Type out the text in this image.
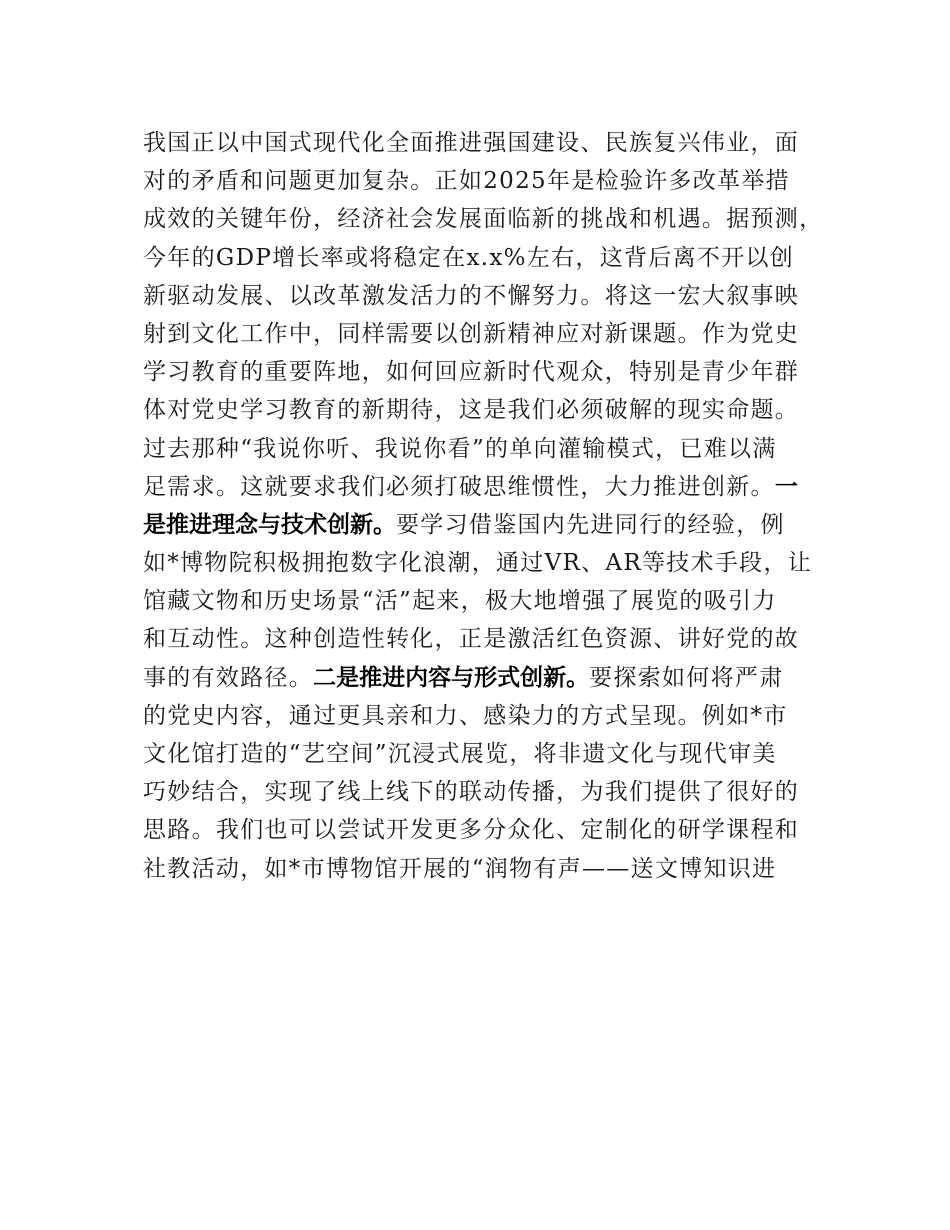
我国正以中国式现代化全面推进强国建设、民族复兴伟业，面
对的矛盾和问题更加复杂。正如2025年是检验许多改革举措
成效的关键年份，经济社会发展面临新的挑战和机遇。据预测，
今年的GDP增长率或将稳定在x.x%左右，这背后离不开以创
新驱动发展、以改革激发活力的不懈努力。将这一宏大叙事映
射到文化工作中，同样需要以创新精神应对新课题。作为党史
学习教育的重要阵地，如何回应新时代观众，特别是青少年群
体对党史学习教育的新期待，这是我们必须破解的现实命题。
过去那种“我说你听、我说你看”的单向灌输模式，已难以满
足需求。这就要求我们必须打破思维惯性，大力推进创新。一
是推进理念与技术创新。要学习借鉴国内先进同行的经验，例
如*博物院积极拥抱数字化浪潮，通过VR、AR等技术手段，让
馆藏文物和历史场景“活”起来，极大地增强了展览的吸引力
和互动性。这种创造性转化，正是激活红色资源、讲好党的故
事的有效路径。二是推进内容与形式创新。要探索如何将严肃
的党史内容，通过更具亲和力、感染力的方式呈现。例如*市
文化馆打造的“艺空间”沉浸式展览，将非遗文化与现代审美
巧妙结合，实现了线上线下的联动传播，为我们提供了很好的
思路。我们也可以尝试开发更多分众化、定制化的研学课程和
社教活动，如*市博物馆开展的“润物有声——送文博知识进
